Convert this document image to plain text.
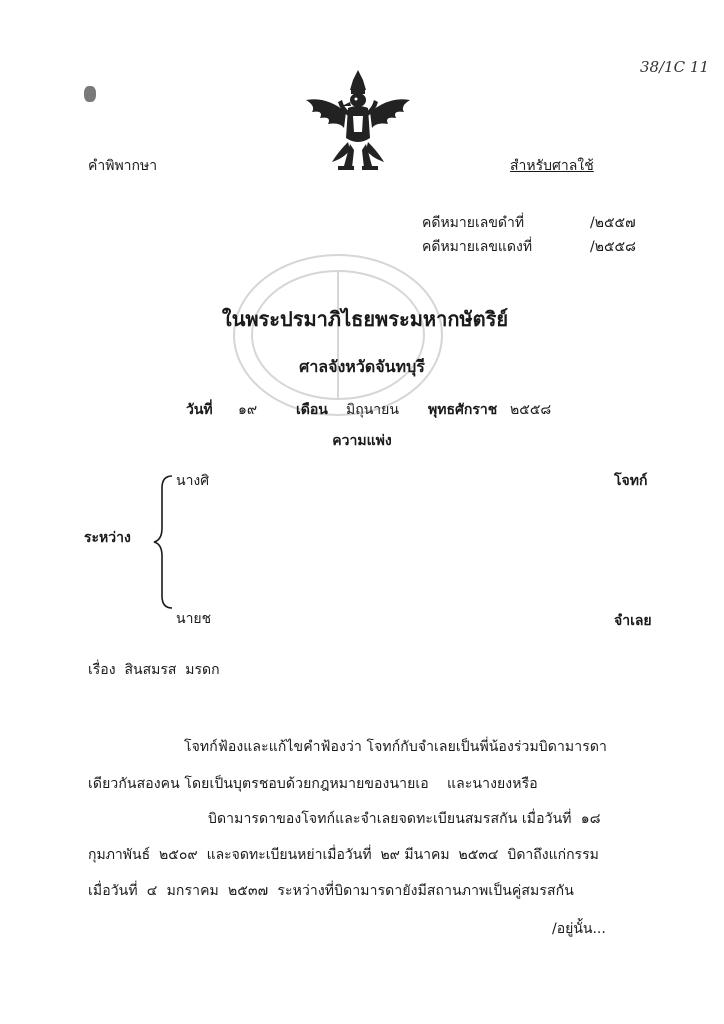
38/1C 11
คำพิพากษา	สำหรับศาลใช้
คดีหมายเลขดำที่	/๒๕๕๗
คดีหมายเลขแดงที่	/๒๕๕๘
ในพระปรมาภิไธยพระมหากษัตริย์
ศาลจังหวัดจันทบุรี
วันที่ ๑๙	เดือน มิถุนายน พุทธศักราช ๒๕๕๘
ความแพ่ง
นางศิ	โจทก์
ระหว่าง
นายช	จำเลย
เรื่อง  สินสมรส  มรดก
โจทก์ฟ้องและแก้ไขคำฟ้องว่า โจทก์กับจำเลยเป็นพี่น้องร่วมบิดามารดา
เดียวกันสองคน โดยเป็นบุตรชอบด้วยกฎหมายของนายเอ    และนางยงหรือ
บิดามารดาของโจทก์และจำเลยจดทะเบียนสมรสกัน เมื่อวันที่  ๑๘
กุมภาพันธ์  ๒๕๐๙  และจดทะเบียนหย่าเมื่อวันที่  ๒๙ มีนาคม  ๒๕๓๔  บิดาถึงแก่กรรม
เมื่อวันที่  ๔  มกราคม  ๒๕๓๗  ระหว่างที่บิดามารดายังมีสถานภาพเป็นคู่สมรสกัน
/อยู่นั้น...
